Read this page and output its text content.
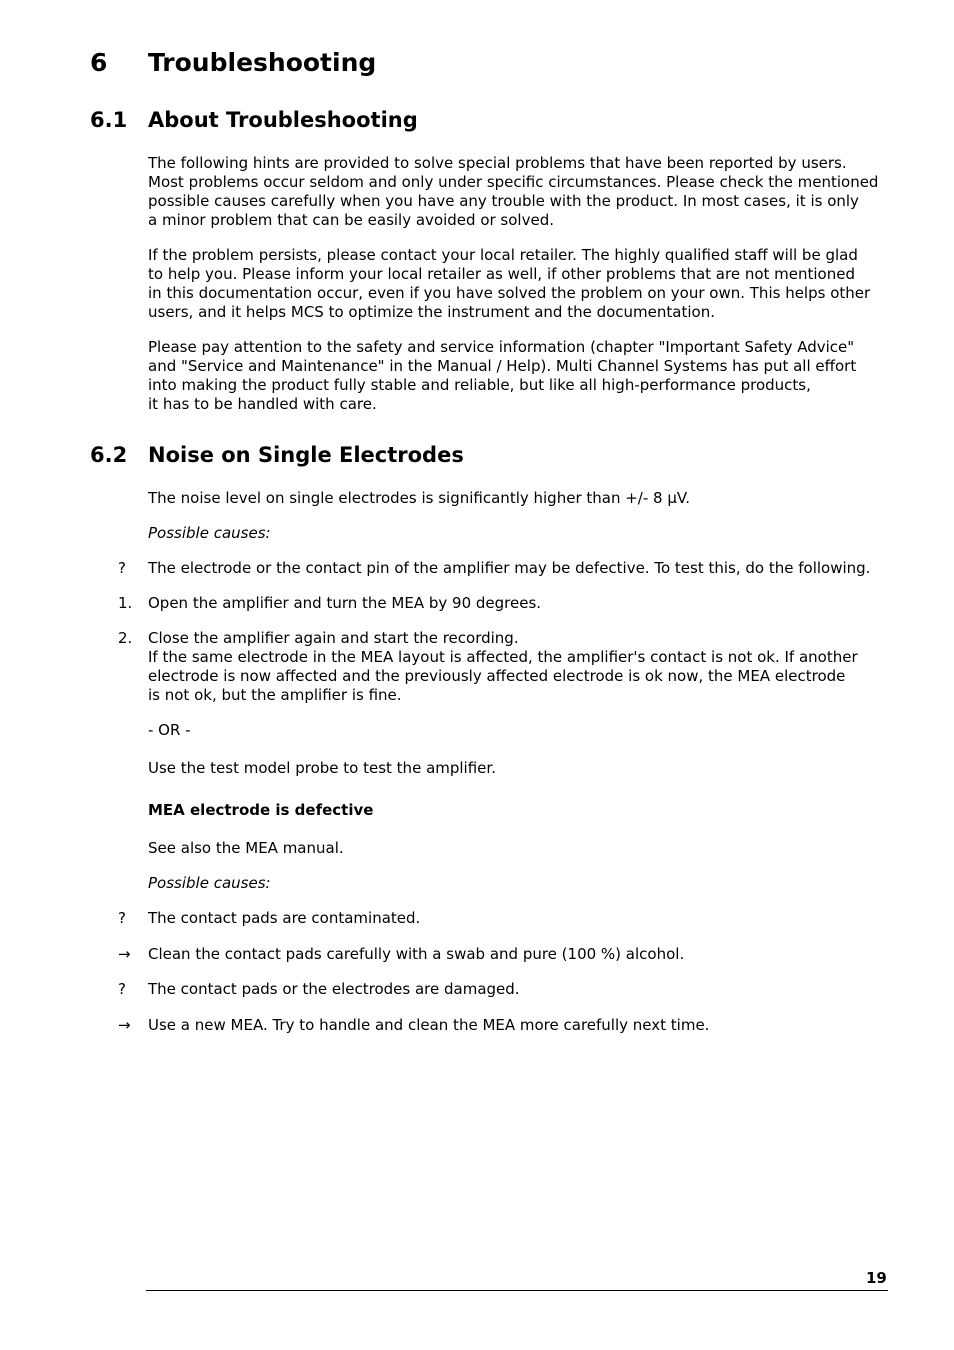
6 Troubleshooting
6.1 About Troubleshooting
The following hints are provided to solve special problems that have been reported by users.
Most problems occur seldom and only under specific circumstances. Please check the mentioned
possible causes carefully when you have any trouble with the product. In most cases, it is only
a minor problem that can be easily avoided or solved.
If the problem persists, please contact your local retailer. The highly qualified staff will be glad
to help you. Please inform your local retailer as well, if other problems that are not mentioned
in this documentation occur, even if you have solved the problem on your own. This helps other
users, and it helps MCS to optimize the instrument and the documentation.
Please pay attention to the safety and service information (chapter "Important Safety Advice"
and "Service and Maintenance" in the Manual / Help). Multi Channel Systems has put all effort
into making the product fully stable and reliable, but like all high-performance products,
it has to be handled with care.
6.2 Noise on Single Electrodes
The noise level on single electrodes is significantly higher than +/- 8 µV.
Possible causes:
?	The electrode or the contact pin of the amplifier may be defective. To test this, do the following.
1.	Open the amplifier and turn the MEA by 90 degrees.
2.	Close the amplifier again and start the recording.
If the same electrode in the MEA layout is affected, the amplifier's contact is not ok. If another
electrode is now affected and the previously affected electrode is ok now, the MEA electrode
is not ok, but the amplifier is fine.
- OR -
Use the test model probe to test the amplifier.
MEA electrode is defective
See also the MEA manual.
Possible causes:
?	The contact pads are contaminated.
→	Clean the contact pads carefully with a swab and pure (100 %) alcohol.
?	The contact pads or the electrodes are damaged.
→	Use a new MEA. Try to handle and clean the MEA more carefully next time.
19
